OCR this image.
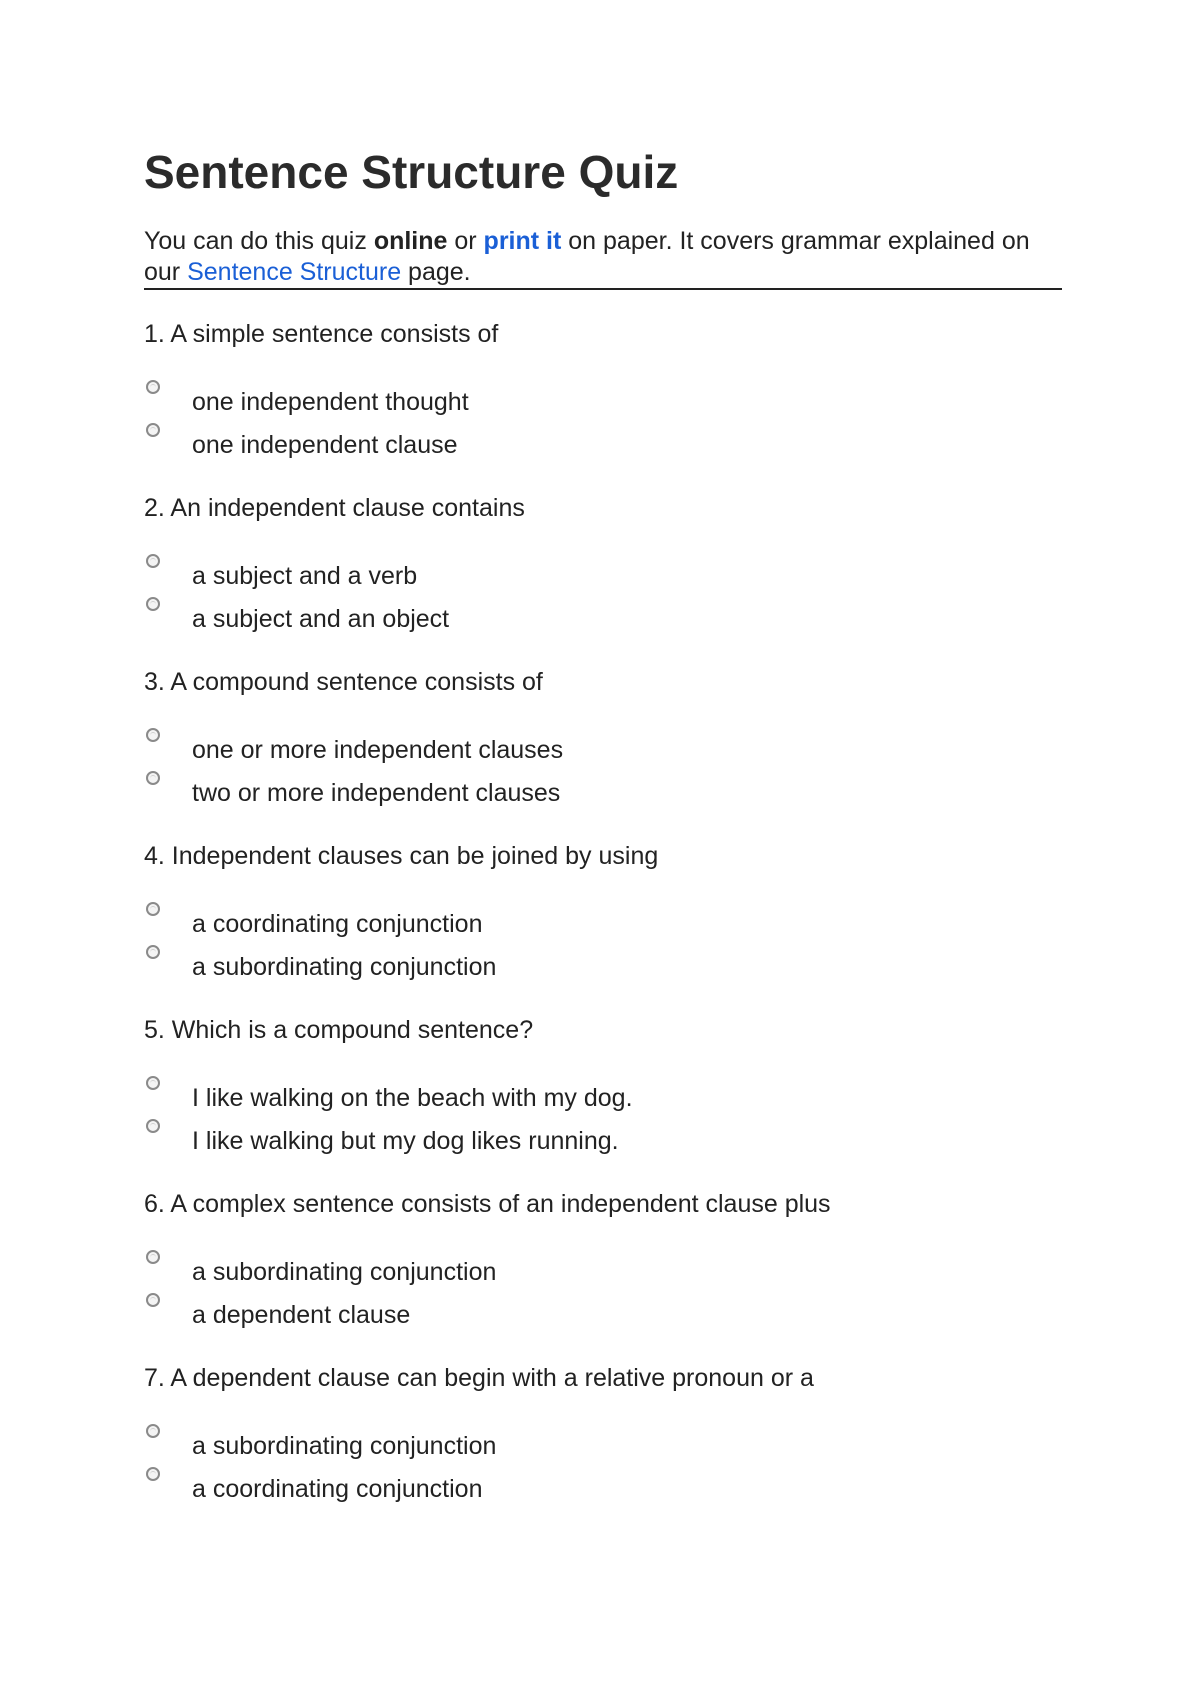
Sentence Structure Quiz

You can do this quiz online or print it on paper. It covers grammar explained on our Sentence Structure page.

1. A simple sentence consists of

one independent thought
one independent clause

2. An independent clause contains

a subject and a verb
a subject and an object

3. A compound sentence consists of

one or more independent clauses
two or more independent clauses

4. Independent clauses can be joined by using

a coordinating conjunction
a subordinating conjunction

5. Which is a compound sentence?

I like walking on the beach with my dog.
I like walking but my dog likes running.

6. A complex sentence consists of an independent clause plus

a subordinating conjunction
a dependent clause

7. A dependent clause can begin with a relative pronoun or a

a subordinating conjunction
a coordinating conjunction
